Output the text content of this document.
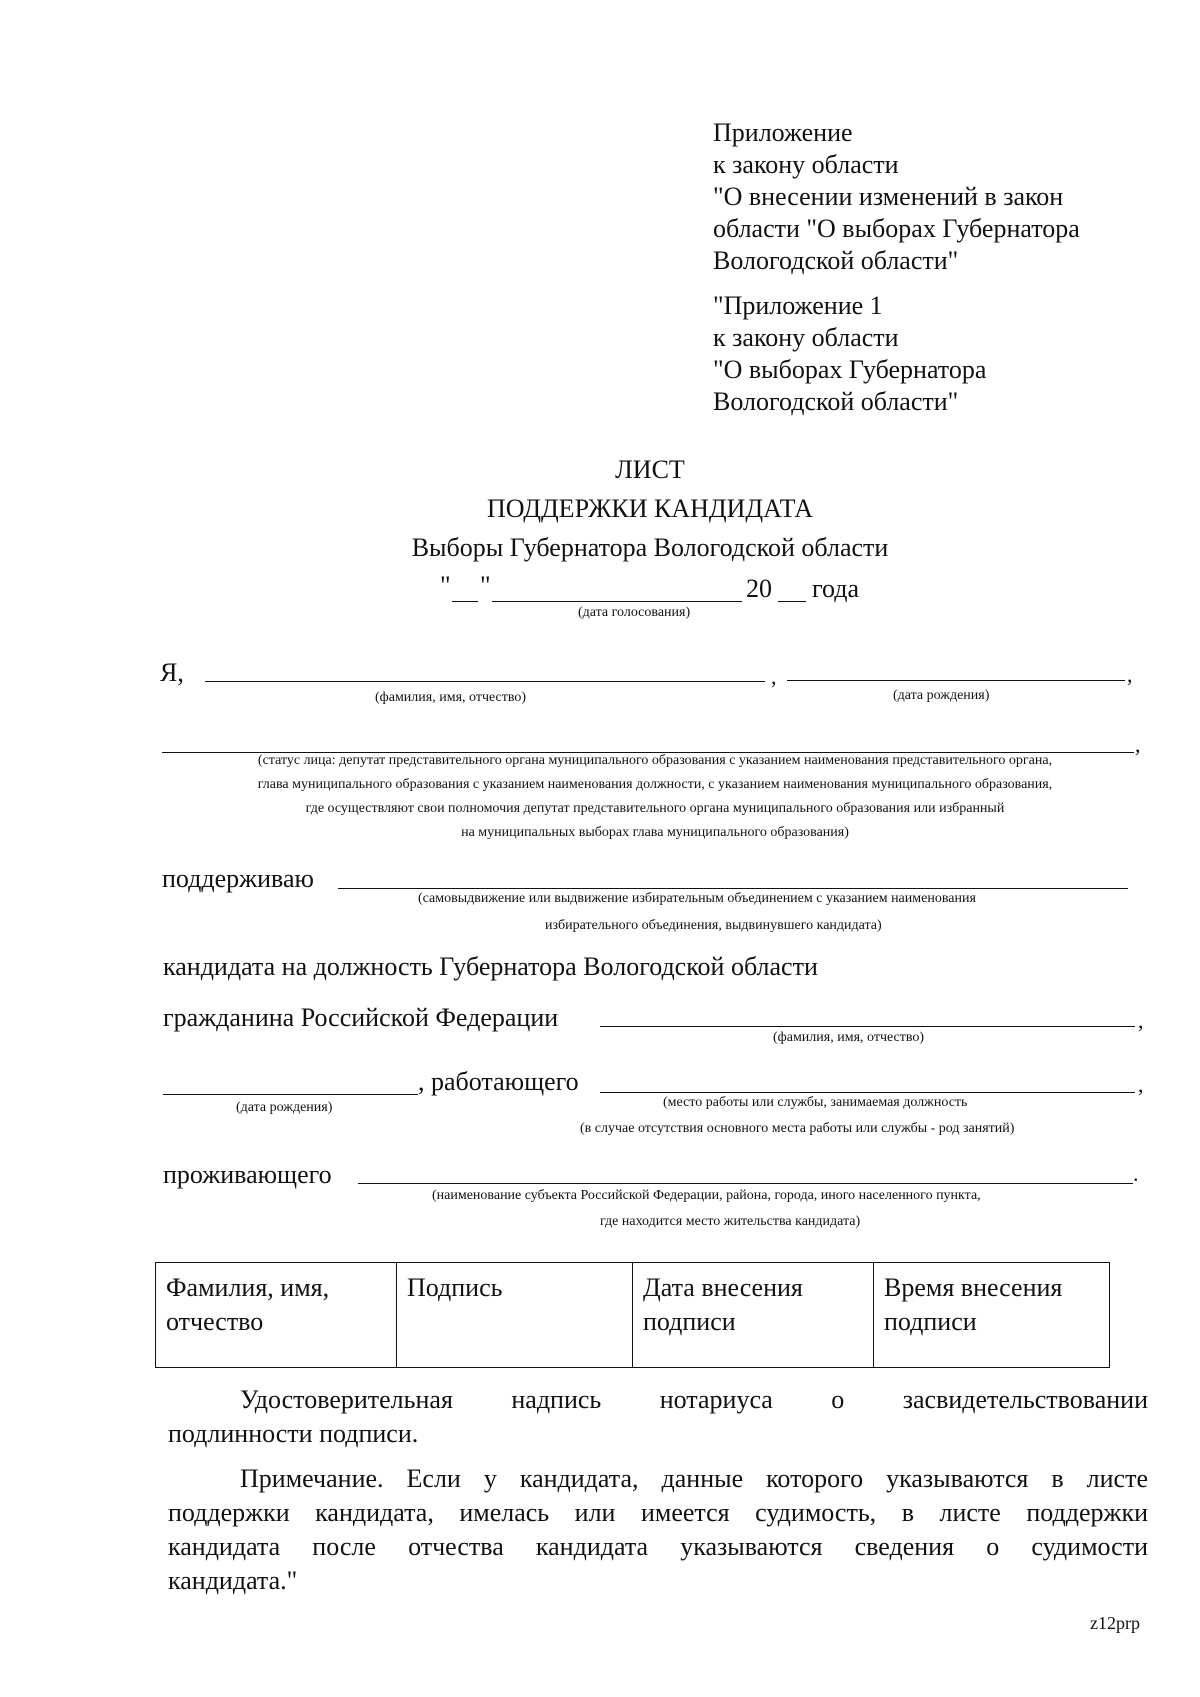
Приложение
к закону области
"О внесении изменений в закон
области "О выборах Губернатора
Вологодской области"
"Приложение 1
к закону области
"О выборах Губернатора
Вологодской области"
ЛИСТ
ПОДДЕРЖКИ КАНДИДАТА
Выборы Губернатора Вологодской области
" "	20 года
(дата голосования)
Я,	,	,
(фамилия, имя, отчество)	(дата рождения)
,
(статус лица: депутат представительного органа муниципального образования с указанием наименования представительного органа,
глава муниципального образования с указанием наименования должности, с указанием наименования муниципального образования,
где осуществляют свои полномочия депутат представительного органа муниципального образования или избранный
на муниципальных выборах глава муниципального образования)
поддерживаю
(самовыдвижение или выдвижение избирательным объединением с указанием наименования
избирательного объединения, выдвинувшего кандидата)
кандидата на должность Губернатора Вологодской области
гражданина Российской Федерации	,
(фамилия, имя, отчество)
, работающего	,
(дата рождения)	(место работы или службы, занимаемая должность
(в случае отсутствия основного места работы или службы - род занятий)
проживающего	.
(наименование субъекта Российской Федерации, района, города, иного населенного пункта,
где находится место жительства кандидата)
Фамилия, имя, отчество	Подпись	Дата внесения подписи	Время внесения подписи
Удостоверительная надпись нотариуса о засвидетельствовании
подлинности подписи.
Примечание. Если у кандидата, данные которого указываются в листе
поддержки кандидата, имелась или имеется судимость, в листе поддержки
кандидата после отчества кандидата указываются сведения о судимости
кандидата."
z12prp
